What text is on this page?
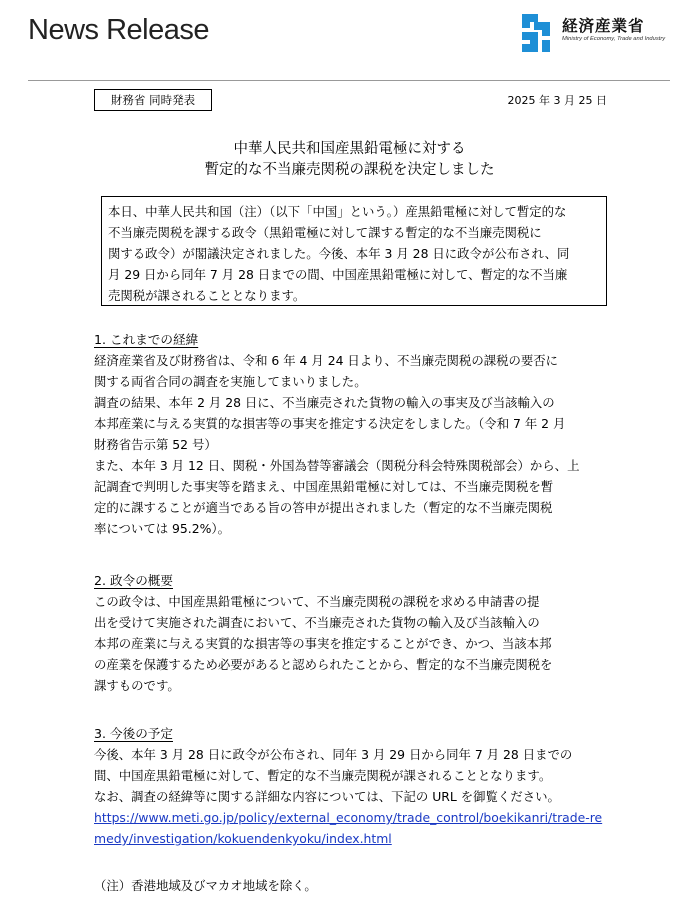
News Release	経済産業省
Ministry of Economy, Trade and Industry
財務省 同時発表	2025 年 3 月 25 日
中華人民共和国産黒鉛電極に対する
暫定的な不当廉売関税の課税を決定しました
本日、中華人民共和国（注）（以下「中国」という。）産黒鉛電極に対して暫定的な
不当廉売関税を課する政令（黒鉛電極に対して課する暫定的な不当廉売関税に
関する政令）が閣議決定されました。今後、本年 3 月 28 日に政令が公布され、同
月 29 日から同年 7 月 28 日までの間、中国産黒鉛電極に対して、暫定的な不当廉
売関税が課されることとなります。
1. これまでの経緯
経済産業省及び財務省は、令和 6 年 4 月 24 日より、不当廉売関税の課税の要否に
関する両省合同の調査を実施してまいりました。
調査の結果、本年 2 月 28 日に、不当廉売された貨物の輸入の事実及び当該輸入の
本邦産業に与える実質的な損害等の事実を推定する決定をしました。（令和 7 年 2 月
財務省告示第 52 号）
また、本年 3 月 12 日、関税・外国為替等審議会（関税分科会特殊関税部会）から、上
記調査で判明した事実等を踏まえ、中国産黒鉛電極に対しては、不当廉売関税を暫
定的に課することが適当である旨の答申が提出されました（暫定的な不当廉売関税
率については 95.2%）。
2. 政令の概要
この政令は、中国産黒鉛電極について、不当廉売関税の課税を求める申請書の提
出を受けて実施された調査において、不当廉売された貨物の輸入及び当該輸入の
本邦の産業に与える実質的な損害等の事実を推定することができ、かつ、当該本邦
の産業を保護するため必要があると認められたことから、暫定的な不当廉売関税を
課すものです。
3. 今後の予定
今後、本年 3 月 28 日に政令が公布され、同年 3 月 29 日から同年 7 月 28 日までの
間、中国産黒鉛電極に対して、暫定的な不当廉売関税が課されることとなります。
なお、調査の経緯等に関する詳細な内容については、下記の URL を御覧ください。
https://www.meti.go.jp/policy/external_economy/trade_control/boekikanri/trade-re
medy/investigation/kokuendenkyoku/index.html
（注）香港地域及びマカオ地域を除く。
